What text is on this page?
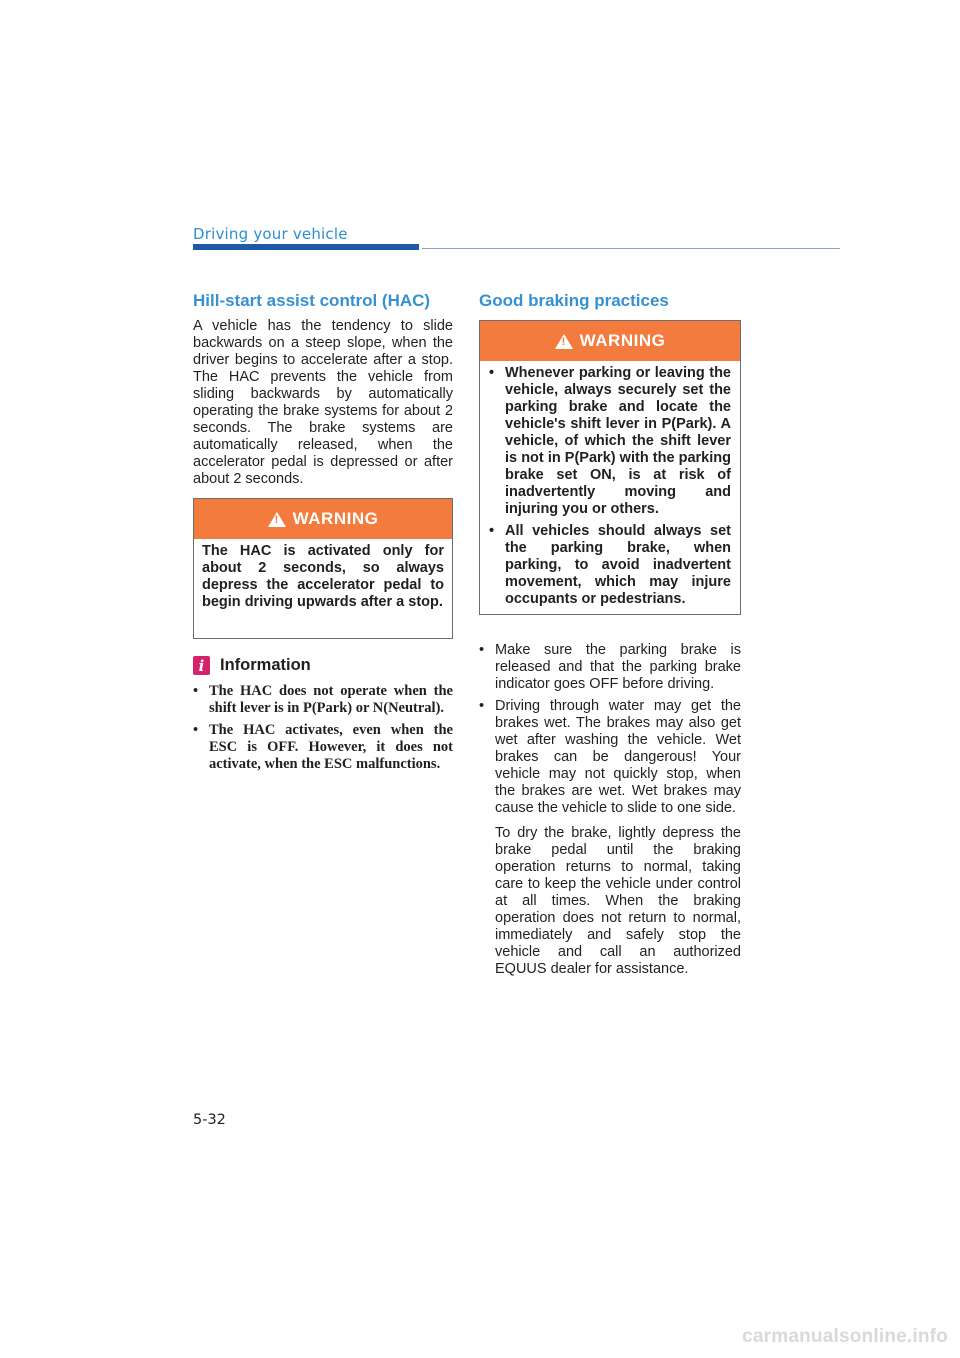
Driving your vehicle
Hill-start assist control (HAC)

A vehicle has the tendency to slide backwards on a steep slope, when the driver begins to accelerate after a stop. The HAC prevents the vehicle from sliding backwards by automatically operating the brake systems for about 2 seconds. The brake systems are automatically released, when the accelerator pedal is depressed or after about 2 seconds.

!
WARNING

The HAC is activated only for about 2 seconds, so always depress the accelerator pedal to begin driving upwards after a stop.

i Information
• The HAC does not operate when the shift lever is in P(Park) or N(Neutral).
• The HAC activates, even when the ESC is OFF. However, it does not activate, when the ESC malfunctions.
Good braking practices
!
WARNING
• Whenever parking or leaving the vehicle, always securely set the parking brake and locate the vehicle's shift lever in P(Park). A vehicle, of which the shift lever is not in P(Park) with the parking brake set ON, is at risk of inadvertently moving and injuring you or others.
• All vehicles should always set the parking brake, when parking, to avoid inadvertent movement, which may injure occupants or pedestrians.
• Make sure the parking brake is released and that the parking brake indicator goes OFF before driving.
• Driving through water may get the brakes wet. The brakes may also get wet after washing the vehicle. Wet brakes can be dangerous! Your vehicle may not quickly stop, when the brakes are wet. Wet brakes may cause the vehicle to slide to one side.

To dry the brake, lightly depress the brake pedal until the braking operation returns to normal, taking care to keep the vehicle under control at all times. When the braking operation does not return to normal, immediately and safely stop the vehicle and call an authorized EQUUS dealer for assistance.

5-32
carmanualsonline.info
